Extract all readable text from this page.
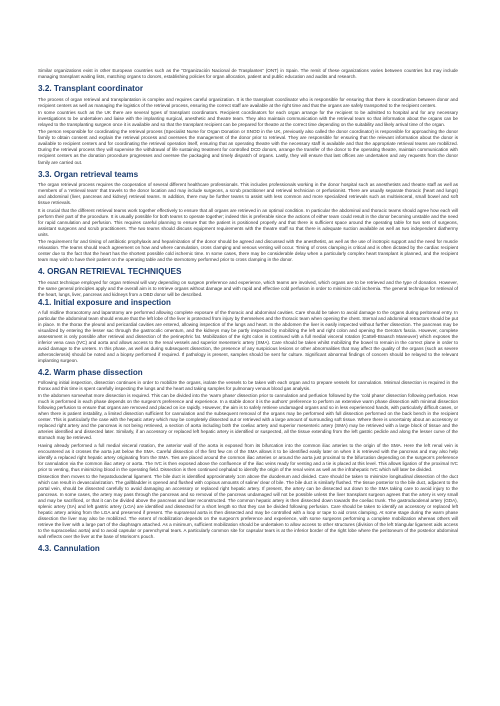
Similar organizations exist in other European countries such as the “Organización Nacional de Trasplantes” (ONT) in Spain. The remit of these organizations varies between countries but may include managing transplant waiting lists, matching organs to donors, establishing policies for organ allocation, patient and public education and audits and research.

3.2. Transplant coordinator

The process of organ retrieval and transplantation is complex and requires careful organization. It is the transplant coordinator who is responsible for ensuring that there is coordination between donor and recipient centers as well as managing the logistics of the retrieval process, ensuring the correct staff are available at the right time and that the organs are safely transported to the recipient centers.

In some countries such as the UK there are several types of transplant coordinators. Recipient coordinators for each organ arrange for the recipient to be admitted to hospital and for any necessary investigations to be undertaken and liaise with the implanting surgical, anesthetic and theatre team. They also maintain communication with the retrieval team so that information about the organs can be relayed to the transplanting surgeon once it is available and so that the transplant recipient can be prepared for theatre at the correct time depending on the suitability and likely arrival time of the organ.

The person responsible for coordinating the retrieval process (Specialist Nurse for Organ Donation or SNOD in the UK, previously also called the donor coordinator) is responsible for approaching the donor family to obtain consent and explain the retrieval process and oversees the management of the donor prior to retrieval. They are responsible for ensuring that the relevant information about the donor is available to recipient centers and for coordinating the retrieval operation itself, ensuring that an operating theatre with the necessary staff is available and that the appropriate retrieval teams are mobilized. During the retrieval process they will supervise the withdrawal of life sustaining treatment for controlled DCD donors, arrange the transfer of the donor to the operating theatre, maintain communication with recipient centers as the donation procedure progresses and oversee the packaging and timely dispatch of organs. Lastly, they will ensure that last offices are undertaken and any requests from the donor family are carried out.

3.3. Organ retrieval teams

The organ retrieval process requires the cooperation of several different healthcare professionals. This includes professionals working in the donor hospital such as anesthetists and theatre staff as well as members of a ‘retrieval team’ that travels to the donor location and may include surgeons, a scrub practitioner and retrieval technician or perfusionist. There are usually separate thoracic (heart and lungs) and abdominal (liver, pancreas and kidney) retrieval teams. In addition, there may be further teams to assist with less common and more specialized retrievals such as multivisceral, small bowel and soft tissue retrievals.

It is crucial that the different retrieval teams work together effectively to ensure that all organs are retrieved in an optimal condition. In particular the abdominal and thoracic teams should agree how each will perform their part of the procedure. It is usually possible for both teams to operate together; indeed this is preferable since the actions of either team could result in the donor becoming unstable and the need for rapid cannulation and perfusion. This requires careful planning to ensure that the patient is positioned properly and that there is sufficient space around the operating table for two sets of surgeons, assistant surgeons and scrub practitioners. The two teams should discuss equipment requirements with the theatre staff so that there is adequate suction available as well as two independent diathermy units.

The requirement for and timing of antibiotic prophylaxis and heparinization of the donor should be agreed and discussed with the anesthetist, as well as the use of inotropic support and the need for muscle relaxation. The teams should reach agreement on how and where cannulation, cross clamping and venous venting will occur. Timing of cross clamping is critical and is often dictated by the cardiac recipient center due to the fact that the heart has the shortest possible cold ischemic time. In some cases, there may be considerable delay when a particularly complex heart transplant is planned, and the recipient team may wish to have their patient on the operating table and the sternotomy performed prior to cross clamping in the donor.

4. ORGAN RETRIEVAL TECHNIQUES

The exact technique employed for organ retrieval will vary depending on surgeon preference and experience, which teams are involved, which organs are to be retrieved and the type of donation. However, the same general principles apply and the overall aim is to retrieve organs without damage and with rapid and effective cold perfusion in order to minimize cold ischemia. The general technique for retrieval of the heart, lungs, liver, pancreas and kidneys from a DBD donor will be described.

4.1. Initial exposure and inspection

A full midline thoracotomy and laparotomy are performed allowing complete exposure of the thoracic and abdominal cavities. Care should be taken to avoid damage to the organs during peritoneal entry. In particular the abdominal team should ensure that the left lobe of the liver is protected from injury by themselves and the thoracic team when opening the chest. Sternal and abdominal retractors should be put in place. In the thorax the pleural and pericardial cavities are entered, allowing inspection of the lungs and heart. In the abdomen the liver is easily inspected without further dissection. The pancreas may be visualized by entering the lesser sac through the gastrocolic omentum, and the kidneys may be partly inspected by mobilizing the left and right colon and opening the Gerota’s fascia. However, complete assessment is only possible after retrieval and dissection of the perinephric fat. Mobilization of the right colon is continued with a full medial visceral rotation (Cattell-Braasch Maneuver) which exposes the inferior vena cava (IVC) and aorta and allows access to the renal vessels and superior mesenteric artery (SMA). Care should be taken whilst mobilizing the bowel to remain in the correct plane in order to avoid damage to the ureters. In this phase, as well as during subsequent dissection, the presence of any suspicious lesions or other abnormalities that may affect the quality of the organs (such as severe atherosclerosis) should be noted and a biopsy performed if required. If pathology is present, samples should be sent for culture. Significant abnormal findings of concern should be relayed to the relevant implanting surgeon.

4.2. Warm phase dissection

Following initial inspection, dissection continues in order to mobilize the organs, isolate the vessels to be taken with each organ and to prepare vessels for cannulation. Minimal dissection is required in the thorax and this time is spent carefully inspecting the lungs and the heart and taking samples for pulmonary venous blood gas analysis.

In the abdomen somewhat more dissection is required. This can be divided into the ‘warm phase’ dissection prior to cannulation and perfusion followed by the ‘cold phase’ dissection following perfusion. How much is performed in each phase depends on the surgeon’s preference and experience. In a stable donor it is the authors’ preference to perform an extensive warm phase dissection with minimal dissection following perfusion to ensure that organs are removed and placed on ice rapidly. However, the aim is to safely retrieve undamaged organs and so in less experienced hands, with particularly difficult cases, or when there is patient instability, a limited dissection sufficient for cannulation and the subsequent removal of the organs may be performed with full dissection performed on the back bench in the recipient center. This is particularly the case with the hepatic artery which may be completely dissected out or retrieved with a large amount of surrounding soft tissue. Where there is uncertainty about an accessory or replaced right artery and the pancreas is not being retrieved, a section of aorta including both the coeliac artery and superior mesenteric artery (SMA) may be retrieved with a large block of tissue and the arteries identified and dissected later. Similarly, if an accessory or replaced left hepatic artery is identified or suspected, all the tissue extending from the left gastric pedicle and along the lesser curve of the stomach may be retrieved.

Having already performed a full medial visceral rotation, the anterior wall of the aorta is exposed from its bifurcation into the common iliac arteries to the origin of the SMA. Here the left renal vein is encountered as it crosses the aorta just below the SMA. Careful dissection of the first few cm of the SMA allows it to be identified easily later on when it is retrieved with the pancreas and may also help identify a replaced right hepatic artery originating from the SMA. Ties are placed around the common iliac arteries or around the aorta just proximal to the bifurcation depending on the surgeon’s preference for cannulation via the common iliac artery or aorta. The IVC is then exposed above the confluence of the iliac veins ready for venting and a tie is placed at this level. This allows ligation of the proximal IVC prior to venting, thus minimizing blood in the operating field. Dissection is then continued cephalad to identify the origin of the renal veins as well as the infrahepatic IVC which will later be divided.

Dissection then moves to the hepatoduodenal ligament. The bile duct is identified approximately 1cm above the duodenum and divided. Care should be taken to minimize longitudinal dissection of the duct which can result in devascularization. The gallbladder is opened and flushed with copious amounts of saline/ clear of bile. The bile duct is similarly flushed. The tissue posterior to the bile duct, adjacent to the portal vein, should be dissected carefully to avoid damaging an accessory or replaced right hepatic artery. If present, the artery can be dissected out down to the SMA taking care to avoid injury to the pancreas. In some cases, the artery may pass through the pancreas and so removal of the pancreas undamaged will not be possible unless the liver transplant surgeon agrees that the artery is very small and may be sacrificed, or that it can be divided above the pancreas and later reconstructed. The common hepatic artery is then dissected down towards the coeliac trunk. The gastroduodenal artery (GDA), splenic artery (SA) and left gastric artery (LGA) are identified and dissected for a short length so that they can be divided following perfusion. Care should be taken to identify an accessory or replaced left hepatic artery arising from the LGA and preserved if present. The suprarenal aorta is then dissected and may be controlled with a loop or tape to aid cross clamping. At some stage during the warm phase dissection the liver may also be mobilized. The extent of mobilization depends on the surgeon’s preference and experience, with some surgeons performing a complete mobilization whereas others will retrieve the liver with a large part of the diaphragm attached. As a minimum, sufficient mobilization should be undertaken to allow access to other structures (division of the left triangular ligament aids access to the supracoeliac aorta) and to avoid capsular or parenchymal tears. A particularly common site for capsular tears is at the inferior border of the right lobe where the peritoneum of the posterior abdominal wall reflects over the liver at the base of Morison’s pouch.

4.3. Cannulation
